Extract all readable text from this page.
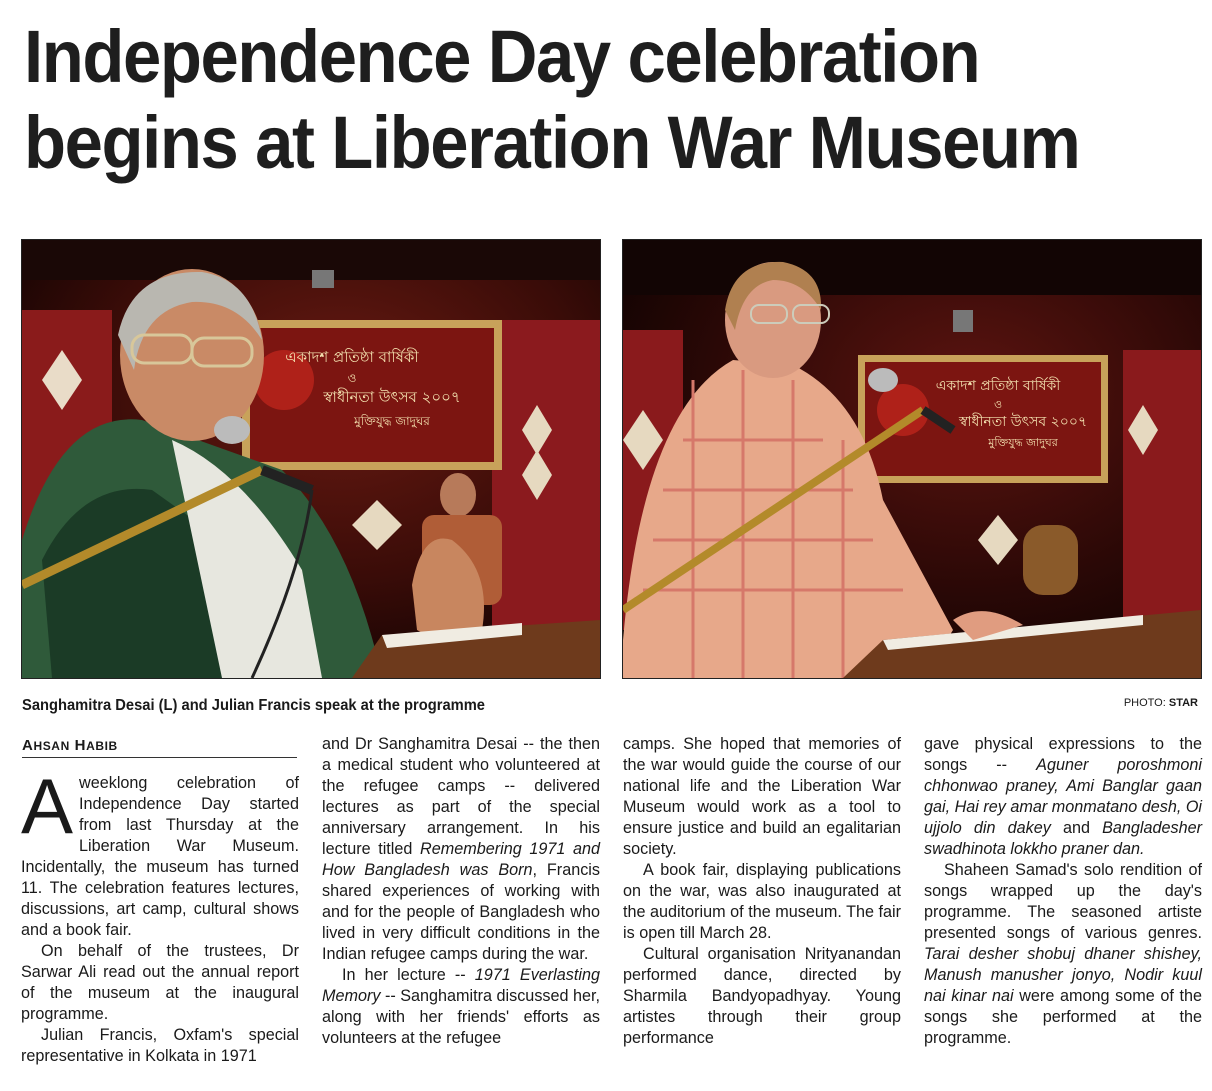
Independence Day celebration
begins at Liberation War Museum
একাদশ প্রতিষ্ঠা বার্ষিকী
ও
স্বাধীনতা উৎসব ২০০৭
মুক্তিযুদ্ধ জাদুঘর
একাদশ প্রতিষ্ঠা বার্ষিকী
ও
স্বাধীনতা উৎসব ২০০৭
মুক্তিযুদ্ধ জাদুঘর
Sanghamitra Desai (L) and Julian Francis speak at the programme	PHOTO: STAR
AHSAN HABIB

Aweeklong celebration of Independence Day started from last Thursday at the Liberation War Museum. Incidentally, the museum has turned 11. The celebration features lectures, discussions, art camp, cultural shows and a book fair.

On behalf of the trustees, Dr Sarwar Ali read out the annual report of the museum at the inaugural programme.

Julian Francis, Oxfam's special representative in Kolkata in 1971

and Dr Sanghamitra Desai -- the then a medical student who volunteered at the refugee camps -- delivered lectures as part of the special anniversary arrangement. In his lecture titled Remembering 1971 and How Bangladesh was Born, Francis shared experiences of working with and for the people of Bangladesh who lived in very difficult conditions in the Indian refugee camps during the war.

In her lecture -- 1971 Everlasting Memory -- Sanghamitra discussed her, along with her friends' efforts as volunteers at the refugee

camps. She hoped that memories of the war would guide the course of our national life and the Liberation War Museum would work as a tool to ensure justice and build an egalitarian society.

A book fair, displaying publications on the war, was also inaugurated at the auditorium of the museum. The fair is open till March 28.

Cultural organisation Nrityanandan performed dance, directed by Sharmila Bandyopadhyay. Young artistes through their group performance

gave physical expressions to the songs -- Aguner poroshmoni chhonwao praney, Ami Banglar gaan gai, Hai rey amar monmatano desh, Oi ujjolo din dakey and Bangladesher swadhinota lokkho praner dan.

Shaheen Samad's solo rendition of songs wrapped up the day's programme. The seasoned artiste presented songs of various genres. Tarai desher shobuj dhaner shishey, Manush manusher jonyo, Nodir kuul nai kinar nai were among some of the songs she performed at the programme.
